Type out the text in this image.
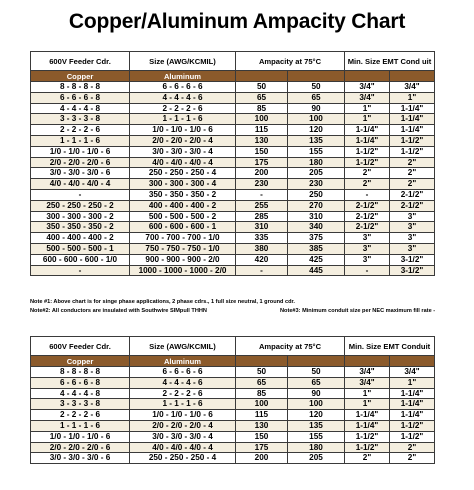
Copper/Aluminum Ampacity Chart
600V Feeder Cdr.	Size (AWG/KCMIL)	Ampacity at 75°C		Min. Size EMT Cond uit	
Copper	Aluminum				
8 - 8 - 8 - 8	6 - 6 - 6 - 6	50	50	3/4"	3/4"
6 - 6 - 6 - 8	4 - 4 - 4 - 6	65	65	3/4"	1"
4 - 4 - 4 - 8	2 - 2 - 2 - 6	85	90	1"	1-1/4"
3 - 3 - 3 - 8	1 - 1 - 1 - 6	100	100	1"	1-1/4"
2 - 2 - 2 - 6	1/0 - 1/0 - 1/0 - 6	115	120	1-1/4"	1-1/4"
1 - 1 - 1 - 6	2/0 - 2/0 - 2/0 - 4	130	135	1-1/4"	1-1/2"
1/0 - 1/0 - 1/0 - 6	3/0 - 3/0 - 3/0 - 4	150	155	1-1/2"	1-1/2"
2/0 - 2/0 - 2/0 - 6	4/0 - 4/0 - 4/0 - 4	175	180	1-1/2"	2"
3/0 - 3/0 - 3/0 - 6	250 - 250 - 250 - 4	200	205	2"	2"
4/0 - 4/0 - 4/0 - 4	300 - 300 - 300 - 4	230	230	2"	2"
-	350 - 350 - 350 - 2	-	250	-	2-1/2"
250 - 250 - 250 - 2	400 - 400 - 400 - 2	255	270	2-1/2"	2-1/2"
300 - 300 - 300 - 2	500 - 500 - 500 - 2	285	310	2-1/2"	3"
350 - 350 - 350 - 2	600 - 600 - 600 - 1	310	340	2-1/2"	3"
400 - 400 - 400 - 2	700 - 700 - 700 - 1/0	335	375	3"	3"
500 - 500 - 500 - 1	750 - 750 - 750 - 1/0	380	385	3"	3"
600 - 600 - 600 - 1/0	900 - 900 - 900 - 2/0	420	425	3"	3-1/2"
-	1000 - 1000 - 1000 - 2/0	-	445	-	3-1/2"
Note #1: Above chart is for singe phase applications, 2 phase cdrs., 1 full size neutral, 1 ground cdr.
Note#2: All conductors are insulated with Southwire SIMpull THHN	Note#3: Minimum conduit size per NEC maximum fill rate -
600V Feeder Cdr.	Size (AWG/KCMIL)	Ampacity at 75°C		Min. Size EMT Conduit	
Copper	Aluminum				
8 - 8 - 8 - 8	6 - 6 - 6 - 6	50	50	3/4"	3/4"
6 - 6 - 6 - 8	4 - 4 - 4 - 6	65	65	3/4"	1"
4 - 4 - 4 - 8	2 - 2 - 2 - 6	85	90	1"	1-1/4"
3 - 3 - 3 - 8	1 - 1 - 1 - 6	100	100	1"	1-1/4"
2 - 2 - 2 - 6	1/0 - 1/0 - 1/0 - 6	115	120	1-1/4"	1-1/4"
1 - 1 - 1 - 6	2/0 - 2/0 - 2/0 - 4	130	135	1-1/4"	1-1/2"
1/0 - 1/0 - 1/0 - 6	3/0 - 3/0 - 3/0 - 4	150	155	1-1/2"	1-1/2"
2/0 - 2/0 - 2/0 - 6	4/0 - 4/0 - 4/0 - 4	175	180	1-1/2"	2"
3/0 - 3/0 - 3/0 - 6	250 - 250 - 250 - 4	200	205	2"	2"
